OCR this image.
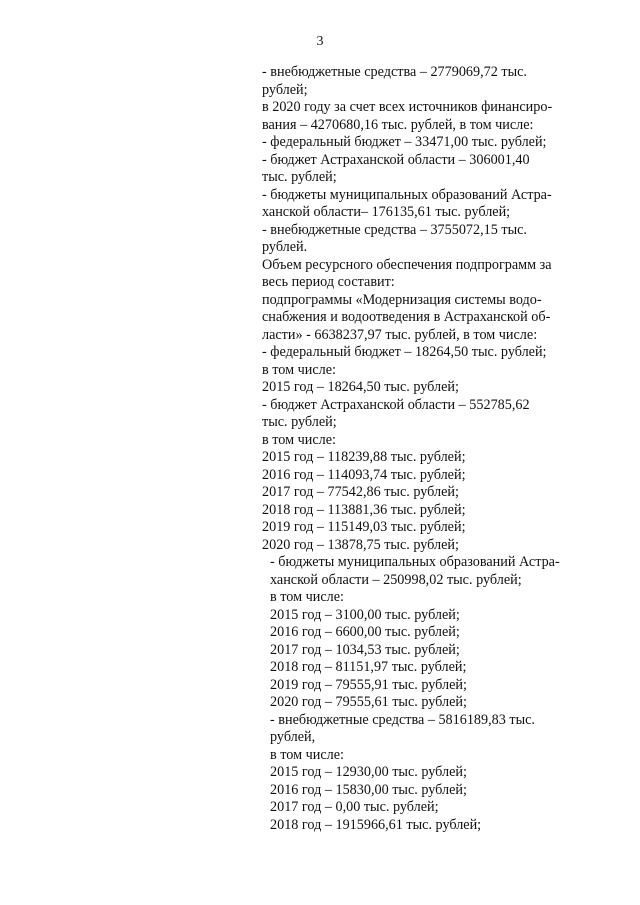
3
- внебюджетные средства – 2779069,72 тыс.
рублей;
в 2020 году за счет всех источников финансиро-
вания – 4270680,16 тыс. рублей, в том числе:
- федеральный бюджет – 33471,00 тыс. рублей;
- бюджет Астраханской области – 306001,40
тыс. рублей;
- бюджеты муниципальных образований Астра-
ханской области– 176135,61 тыс. рублей;
- внебюджетные средства – 3755072,15 тыс.
рублей.
Объем ресурсного обеспечения подпрограмм за
весь период составит:
подпрограммы «Модернизация системы водо-
снабжения и водоотведения в Астраханской об-
ласти» - 6638237,97 тыс. рублей, в том числе:
- федеральный бюджет – 18264,50 тыс. рублей;
в том числе:
2015 год – 18264,50 тыс. рублей;
- бюджет Астраханской области – 552785,62
тыс. рублей;
в том числе:
2015 год – 118239,88 тыс. рублей;
2016 год – 114093,74 тыс. рублей;
2017 год – 77542,86 тыс. рублей;
2018 год – 113881,36 тыс. рублей;
2019 год – 115149,03 тыс. рублей;
2020 год – 13878,75 тыс. рублей;
- бюджеты муниципальных образований Астра-
ханской области – 250998,02 тыс. рублей;
в том числе:
2015 год – 3100,00 тыс. рублей;
2016 год – 6600,00 тыс. рублей;
2017 год – 1034,53 тыс. рублей;
2018 год – 81151,97 тыс. рублей;
2019 год – 79555,91 тыс. рублей;
2020 год – 79555,61 тыс. рублей;
- внебюджетные средства – 5816189,83 тыс.
рублей,
в том числе:
2015 год – 12930,00 тыс. рублей;
2016 год – 15830,00 тыс. рублей;
2017 год – 0,00 тыс. рублей;
2018 год – 1915966,61 тыс. рублей;
